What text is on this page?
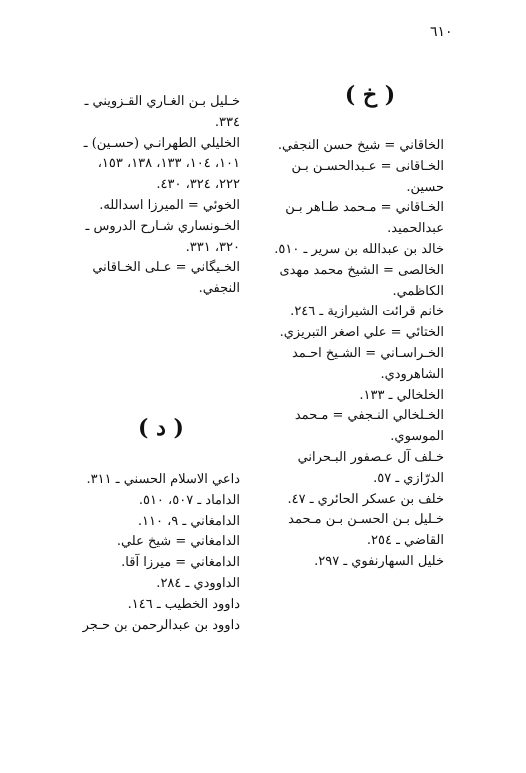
٦١٠
( خ )
الخاقاني = شيخ حسن النجفي.
الخـاقانى = عـبدالحسـن بـن
حسين.
الخـاقاني = مـحمد طـاهر بـن
عبدالحميد.
خالد بن عبدالله بن سرير ـ ٥١٠.
الخالصى = الشيخ محمد مهدى
الكاظمي.
خانم قرائت الشيرازية ـ ٢٤٦.
الختائي = علي اصغر التبريزي.
الخـراسـاني = الشـيخ احـمد
الشاهرودي.
الخلخالي ـ ١٣٣.
الخـلخالي النـجفي = مـحمد
الموسوي.
خـلف آل عـصفور البـحراني
الدرّازي ـ ٥٧.
خلف بن عسكر الحائري ـ ٤٧.
خـليل بـن الحسـن بـن مـحمد
القاضي ـ ٢٥٤.
خليل السهارنفوي ـ ٢٩٧.
خـليل بـن الغـاري القـزويني ـ
٣٣٤.
الخليلي الطهرانـي (حسـين) ـ
١٠١، ١٠٤، ١٣٣، ١٣٨، ١٥٣،
٢٢٢، ٣٢٤، ٤٣٠.
الخوئي = الميرزا اسدالله.
الخـونساري شـارح الدروس ـ
٣٢٠، ٣٣١.
الخـيگاني = عـلى الخـاقاني
النجفي.
( د )
داعي الاسلام الحسني ـ ٣١١.
الداماد ـ ٥٠٧، ٥١٠.
الدامغاني ـ ٩، ١١٠.
الدامغاني = شيخ علي.
الدامغاني = ميرزا آقا.
الداوودي ـ ٢٨٤.
داوود الخطيب ـ ١٤٦.
داوود بن عبدالرحمن بن حـجر
